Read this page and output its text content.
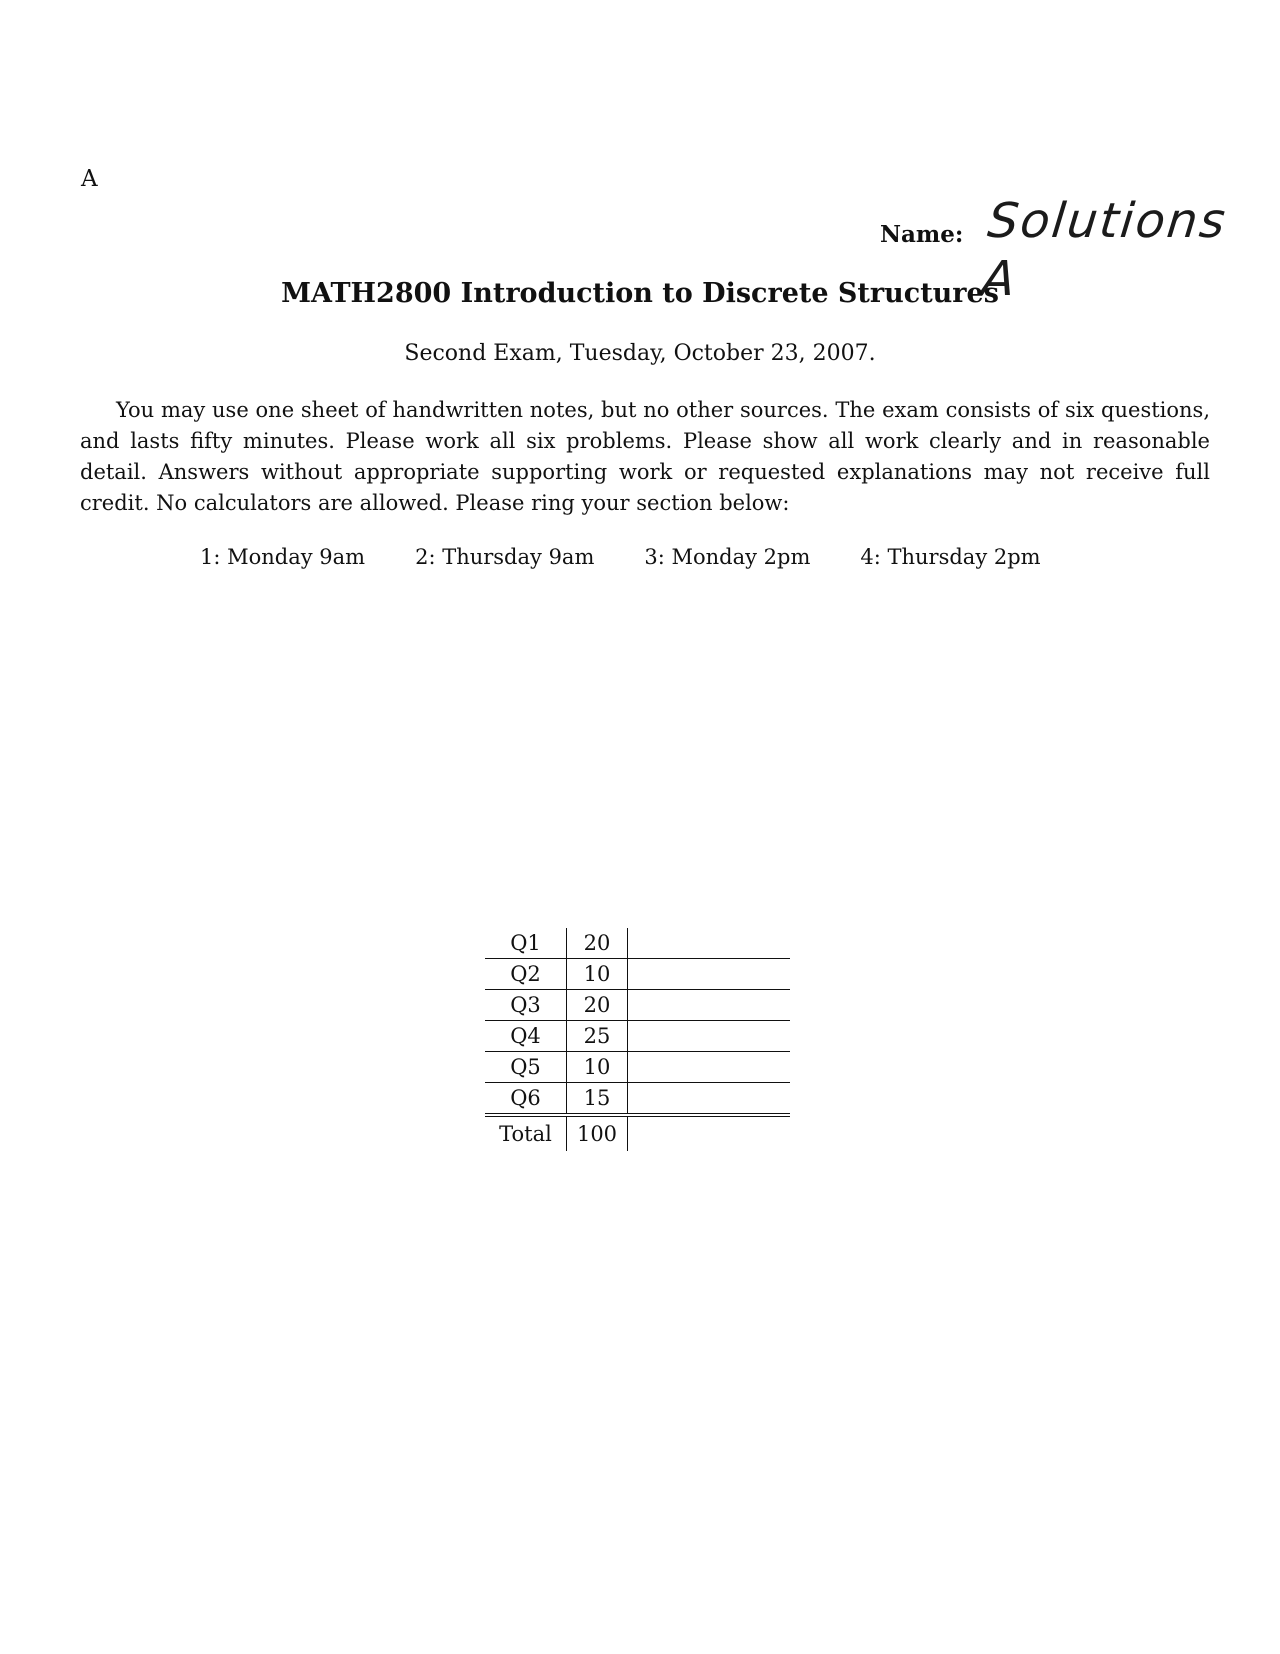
A
Name: Solutions A
MATH2800 Introduction to Discrete Structures
Second Exam, Tuesday, October 23, 2007.

You may use one sheet of handwritten notes, but no other sources. The exam consists of six questions, and lasts fifty minutes. Please work all six problems. Please show all work clearly and in reasonable detail. Answers without appropriate supporting work or requested explanations may not receive full credit. No calculators are allowed. Please ring your section below:

1: Monday 9am 2: Thursday 9am 3: Monday 2pm 4: Thursday 2pm
Q1	20	
Q2	10	
Q3	20	
Q4	25	
Q5	10	
Q6	15	
Total	100	
